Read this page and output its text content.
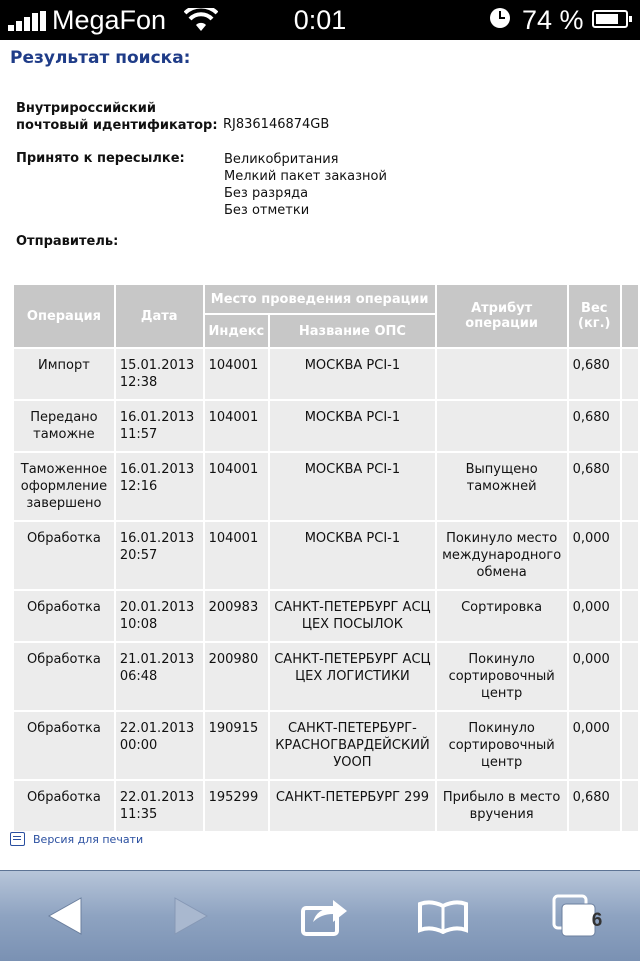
MegaFon	0:01	74 %
Результат поиска:
Внутрироссийский
почтовый идентификатор: RJ836146874GB
Принято к пересылке:	Великобритания
Мелкий пакет заказной
Без разряда
Без отметки
Отправитель:
Операция	Дата	Место проведения операции		Атрибут операции	Вес (кг.)	
		Индекс	Название ОПС			
Импорт	15.01.2013 12:38	104001	МОСКВА PCI-1		0,680	
Передано таможне	16.01.2013 11:57	104001	МОСКВА PCI-1		0,680	
Таможенное оформление завершено	16.01.2013 12:16	104001	МОСКВА PCI-1	Выпущено таможней	0,680	
Обработка	16.01.2013 20:57	104001	МОСКВА PCI-1	Покинуло место международного обмена	0,000	
Обработка	20.01.2013 10:08	200983	САНКТ-ПЕТЕРБУРГ АСЦ ЦЕХ ПОСЫЛОК	Сортировка	0,000	
Обработка	21.01.2013 06:48	200980	САНКТ-ПЕТЕРБУРГ АСЦ ЦЕХ ЛОГИСТИКИ	Покинуло сортировочный центр	0,000	
Обработка	22.01.2013 00:00	190915	САНКТ-ПЕТЕРБУРГ-КРАСНОГВАРДЕЙСКИЙ УООП	Покинуло сортировочный центр	0,000	
Обработка	22.01.2013 11:35	195299	САНКТ-ПЕТЕРБУРГ 299	Прибыло в место вручения	0,680	
Версия для печати
6
